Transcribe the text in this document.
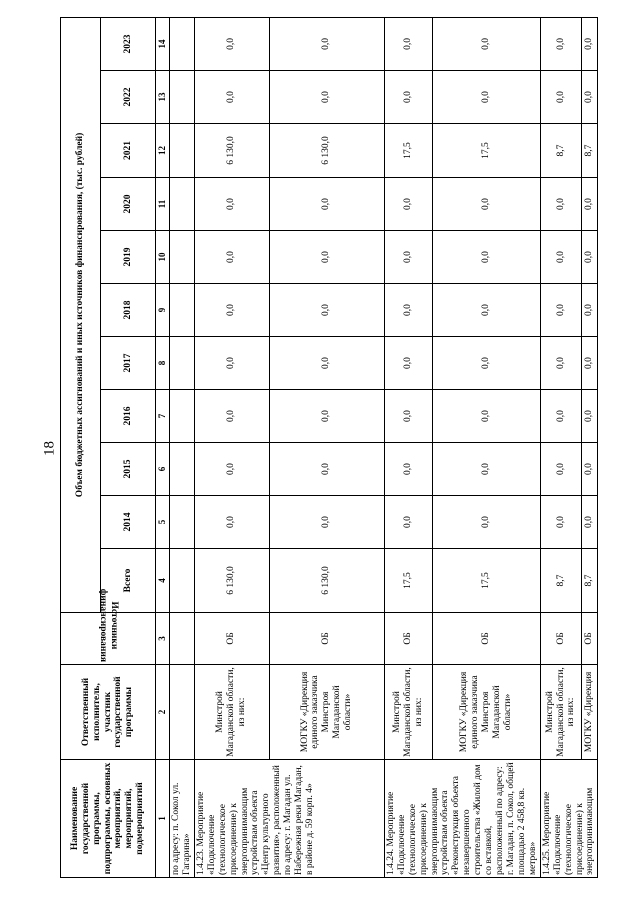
18
Наименование государственной программы, подпрограммы, основных мероприятий, мероприятий, подмероприятий	Ответственный исполнитель, участник государственной программы	Источники финансирования	Объем бюджетных ассигнований и иных источников финансирования, (тыс. рублей)										
			Всего	2014	2015	2016	2017	2018	2019	2020	2021	2022	2023
1	2	3	4	5	6	7	8	9	10	11	12	13	14
по адресу: п. Сокол ул. Гагарина»													
1.4.23. Мероприятие «Подключение (технологическое присоединение) к энергопринимающим устройствам объекта «Центр культурного развития», расположенный по адресу: г. Магадан ул. Набережная реки Магадан, в районе д. 59 корп. 4»	Минстрой Магаданской области, из них:	ОБ	6 130,0	0,0	0,0	0,0	0,0	0,0	0,0	0,0	6 130,0	0,0	0,0
	МОГКУ «Дирекция единого заказчика Минстроя Магаданской области»	ОБ	6 130,0	0,0	0,0	0,0	0,0	0,0	0,0	0,0	6 130,0	0,0	0,0
1.4.24. Мероприятие «Подключение (технологическое присоединение) к энергопринимающим устройствам объекта «Реконструкция объекта незавершенного строительства «Жилой дом со вставкой, расположенный по адресу: г. Магадан, п. Сокол, общей площадью 2 458,8 кв. метров»	Минстрой Магаданской области, из них:	ОБ	17,5	0,0	0,0	0,0	0,0	0,0	0,0	0,0	17,5	0,0	0,0
	МОГКУ «Дирекция единого заказчика Минстроя Магаданской области»	ОБ	17,5	0,0	0,0	0,0	0,0	0,0	0,0	0,0	17,5	0,0	0,0
1.4.25. Мероприятие «Подключение (технологическое присоединение) к энергопринимающим	Минстрой Магаданской области, из них:	ОБ	8,7	0,0	0,0	0,0	0,0	0,0	0,0	0,0	8,7	0,0	0,0
	МОГКУ «Дирекция	ОБ	8,7	0,0	0,0	0,0	0,0	0,0	0,0	0,0	8,7	0,0	0,0
